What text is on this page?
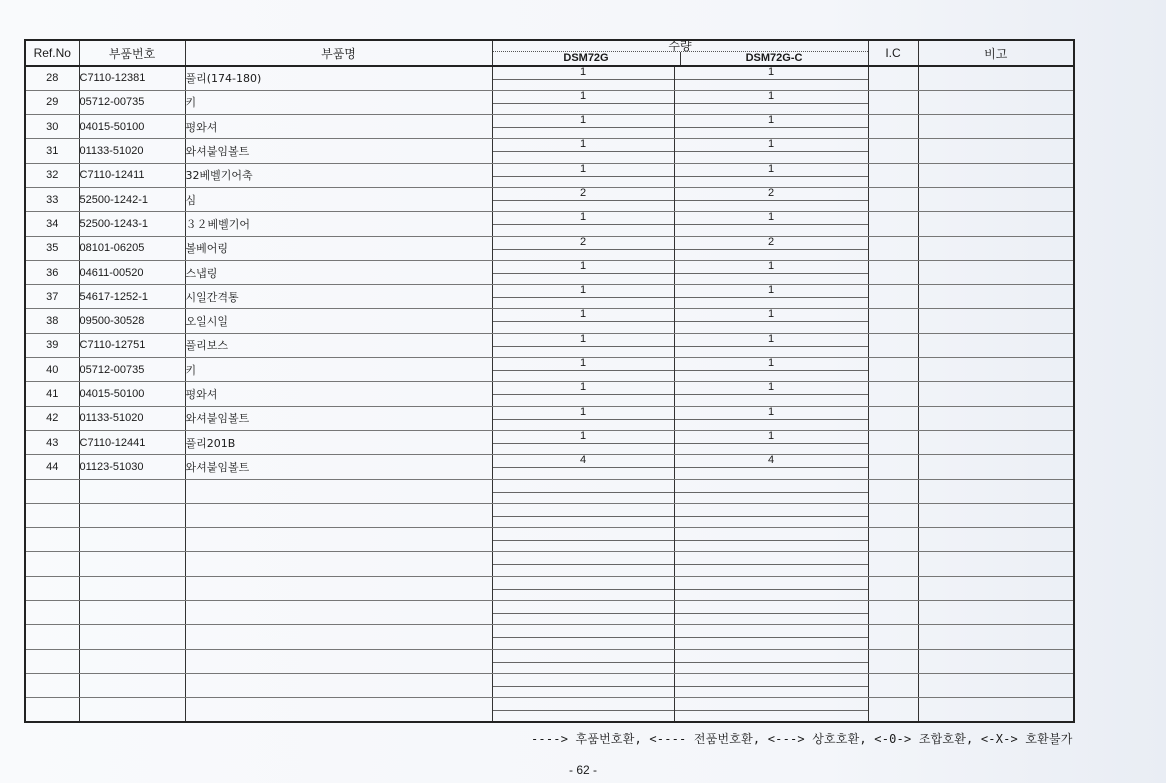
Ref.No	부품번호	부품명	수량
DSM72G DSM72G-C		I.C	비고
28	C7110-12381	풀리(174-180)	1	1		
29	05712-00735	키	1	1		
30	04015-50100	평와셔	1	1		
31	01133-51020	와셔붙임볼트	1	1		
32	C7110-12411	32베벨기어축	1	1		
33	52500-1242-1	심	2	2		
34	52500-1243-1	３２베벨기어	1	1		
35	08101-06205	볼베어링	2	2		
36	04611-00520	스냅링	1	1		
37	54617-1252-1	시일간격통	1	1		
38	09500-30528	오일시일	1	1		
39	C7110-12751	풀리보스	1	1		
40	05712-00735	키	1	1		
41	04015-50100	평와셔	1	1		
42	01133-51020	와셔붙임볼트	1	1		
43	C7110-12441	풀리201B	1	1		
44	01123-51030	와셔붙임볼트	4	4		

----> 후품번호환, <---- 전품번호환, <---> 상호호환, <-0-> 조합호환, <-X-> 호환불가
- 62 -
